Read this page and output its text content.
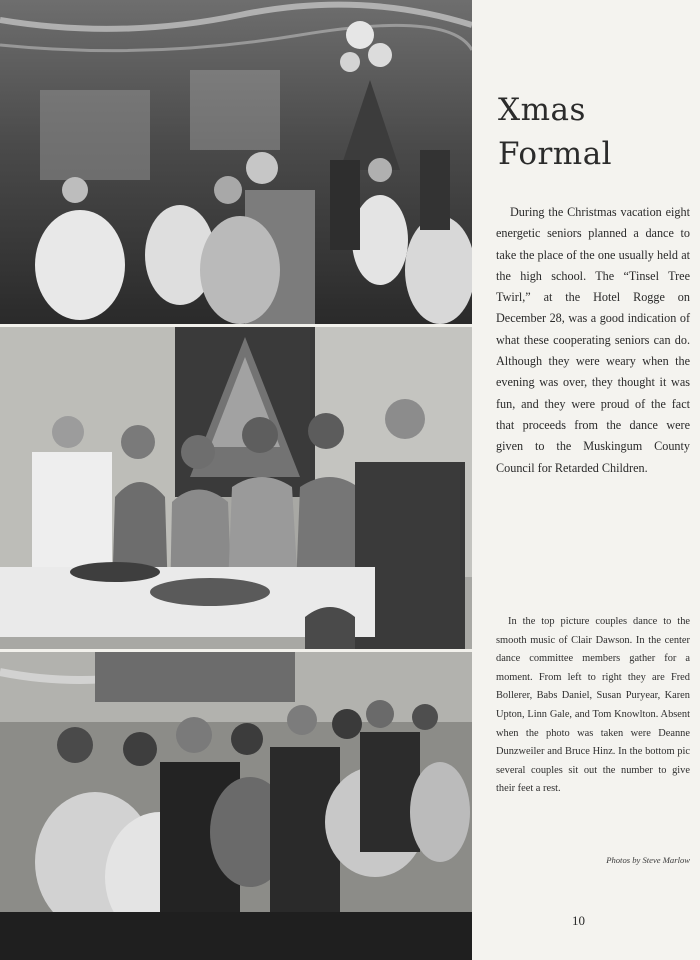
Xmas
Formal

During the Christmas vacation eight energetic seniors planned a dance to take the place of the one usually held at the high school. The “Tinsel Tree Twirl,” at the Hotel Rogge on December 28, was a good indication of what these cooperating seniors can do. Although they were weary when the evening was over, they thought it was fun, and they were proud of the fact that proceeds from the dance were given to the Muskingum County Council for Retarded Children.

In the top picture couples dance to the smooth music of Clair Dawson. In the center dance committee members gather for a moment. From left to right they are Fred Bollerer, Babs Daniel, Susan Puryear, Karen Upton, Linn Gale, and Tom Knowlton. Absent when the photo was taken were Deanne Dunzweiler and Bruce Hinz. In the bottom pic several couples sit out the number to give their feet a rest.

Photos by Steve Marlow
10
